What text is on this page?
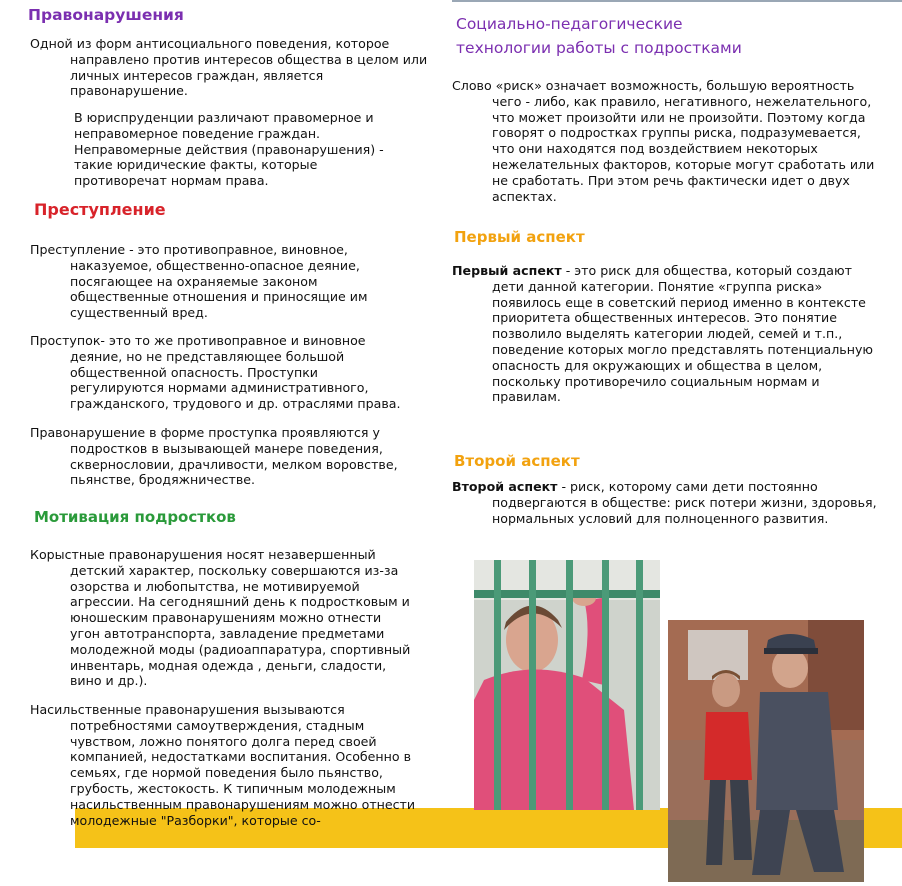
Правонарушения

Одной из форм антисоциального поведения, которое направлено против интересов общества в целом или личных интересов граждан, является правонарушение.

В юриспруденции различают правомерное и неправомерное поведение граждан. Неправомерные действия (правонарушения) - такие юридические факты, которые противоречат нормам права.

Преступление

Преступление - это противоправное, виновное, наказуемое, общественно-опасное деяние, посягающее на охраняемые законом общественные отношения и приносящие им существенный вред.

Проступок- это то же противоправное и виновное деяние, но не представляющее большой общественной опасность. Проступки регулируются нормами административного, гражданского, трудового и др. отраслями права.

Правонарушение в форме проступка проявляются у подростков в вызывающей манере поведения, сквернословии, драчливости, мелком воровстве, пьянстве, бродяжничестве.

Мотивация подростков

Корыстные правонарушения носят незавершенный детский характер, поскольку совершаются из-за озорства и любопытства, не мотивируемой агрессии. На сегодняшний день к подростковым и юношеским правонарушениям можно отнести угон автотранспорта, завладение предметами молодежной моды (радиоаппаратура, спортивный инвентарь, модная одежда , деньги, сладости, вино и др.).

Насильственные правонарушения вызываются потребностями самоутверждения, стадным чувством, ложно понятого долга перед своей компанией, недостатками воспитания. Особенно в семьях, где нормой поведения было пьянство, грубость, жестокость. К типичным молодежным насильственным правонарушениям можно отнести молодежные "Разборки", которые со-

Социально-педагогические технологии работы с подростками

Слово «риск» означает возможность, большую вероятность чего - либо, как правило, негативного, нежелательного, что может произойти или не произойти. Поэтому когда говорят о подростках группы риска, подразумевается, что они находятся под воздействием некоторых нежелательных факторов, которые могут сработать или не сработать. При этом речь фактически идет о двух аспектах.

Первый аспект

Первый аспект - это риск для общества, который создают дети данной категории. Понятие «группа риска» появилось еще в советский период именно в контексте приоритета общественных интересов. Это понятие позволило выделять категории людей, семей и т.п., поведение которых могло представлять потенциальную опасность для окружающих и общества в целом, поскольку противоречило социальным нормам и правилам.

Второй аспект

Второй аспект - риск, которому сами дети постоянно подвергаются в обществе: риск потери жизни, здоровья, нормальных условий для полноценного развития.
